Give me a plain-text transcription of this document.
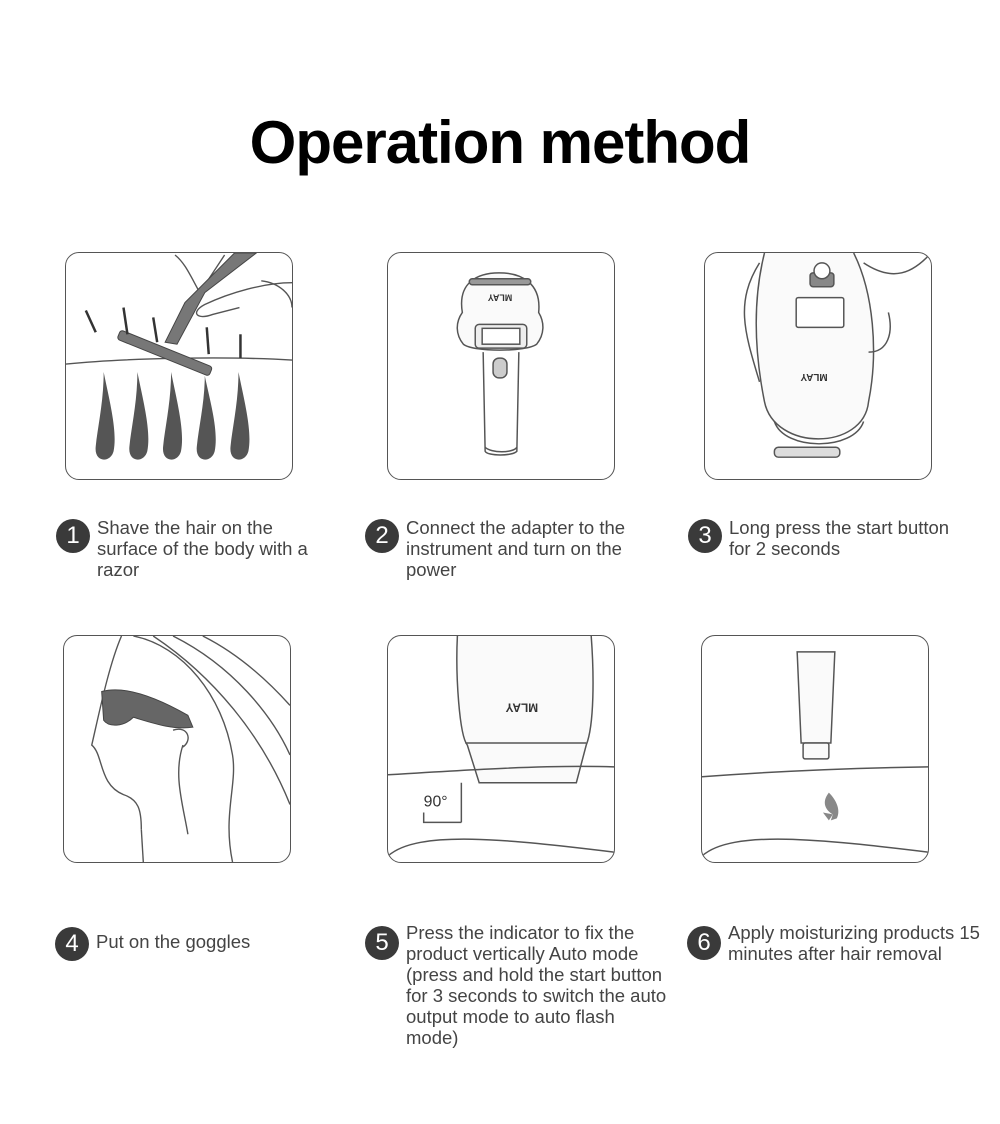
Operation method
MLAY
MLAY
MLAY
90°
1 Shave the hair on the surface of the body with a razor
2 Connect the adapter to the instrument and turn on the power
3 Long press the start button for 2 seconds
4 Put on the goggles	5 Press the indicator to fix the product vertically Auto mode (press and hold the start button for 3 seconds to switch the auto output mode to auto flash mode)
6 Apply moisturizing products 15 minutes after hair removal
